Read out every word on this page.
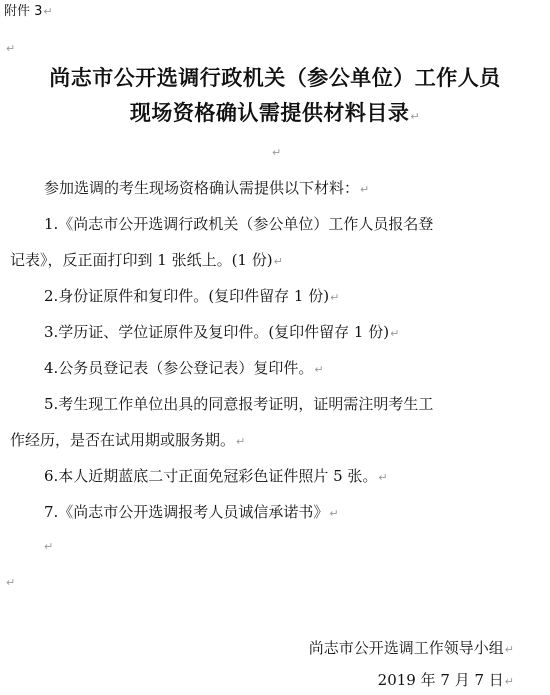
附件 3↵
↵
尚志市公开选调行政机关（参公单位）工作人员
现场资格确认需提供材料目录↵
↵
参加选调的考生现场资格确认需提供以下材料：↵
1.《尚志市公开选调行政机关（参公单位）工作人员报名登
记表》，反正面打印到 1 张纸上。(1 份)↵
2.身份证原件和复印件。(复印件留存 1 份)↵
3.学历证、学位证原件及复印件。(复印件留存 1 份)↵
4.公务员登记表（参公登记表）复印件。↵
5.考生现工作单位出具的同意报考证明，证明需注明考生工
作经历，是否在试用期或服务期。↵
6.本人近期蓝底二寸正面免冠彩色证件照片 5 张。↵
7.《尚志市公开选调报考人员诚信承诺书》↵
↵
↵
尚志市公开选调工作领导小组↵
2019 年 7 月 7 日↵
